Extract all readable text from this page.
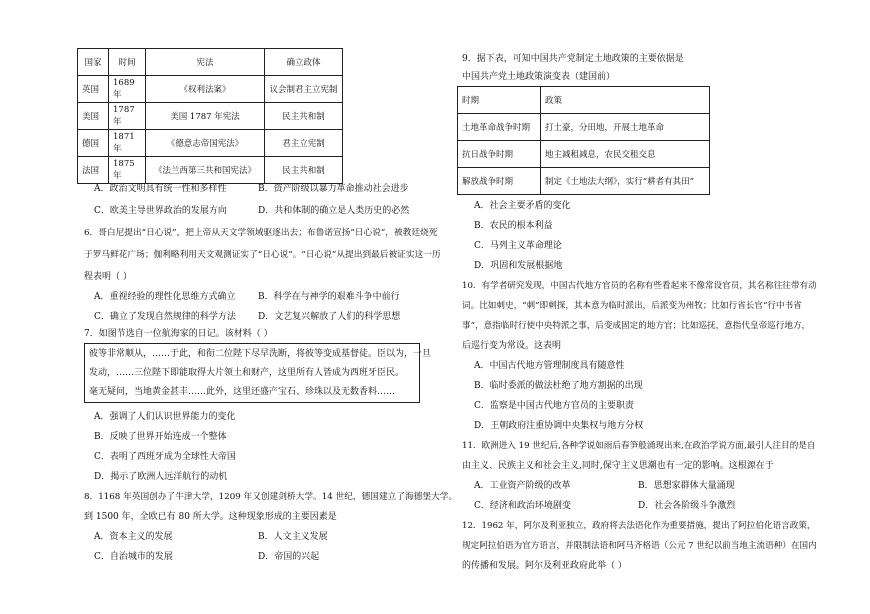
国家	时间	宪法	确立政体
英国	1689 年	《权利法案》	议会制君主立宪制
美国	1787 年	美国 1787 年宪法	民主共和制
德国	1871 年	《德意志帝国宪法》	君主立宪制
法国	1875 年	《法兰西第三共和国宪法》	民主共和制
A．政治文明具有统一性和多样性	B．资产阶级以暴力革命推动社会进步
C．欧美主导世界政治的发展方向	D．共和体制的确立是人类历史的必然
6．哥白尼提出“日心说”，把上帝从天文学领域驱逐出去；布鲁诺宣扬“日心说”，被教廷烧死
于罗马鲜花广场；伽利略利用天文观测证实了“日心说”。“日心说”从提出到最后被证实这一历
程表明（ ）
A．重视经验的理性化思维方式确立 B．科学在与神学的艰难斗争中前行
C．确立了发现自然规律的科学方法 D．文艺复兴解放了人们的科学思想
7．如图节选自一位航海家的日记。该材料（ ）
彼等非常顺从，……于此，和衔二位陛下尽早洗断，将彼等变成基督徒。臣以为，一旦
发动，……三位陛下即能取得大片领土和财产，这里所有人皆成为西班牙臣民。
毫无疑问，当地黄金甚丰……此外，这里还盛产宝石、珍珠以及无数香料……
A．强调了人们认识世界能力的变化
B．反映了世界开始连成一个整体
C．表明了西班牙成为全球性大帝国
D．揭示了欧洲人远洋航行的动机
8．1168 年英国创办了牛津大学，1209 年又创建剑桥大学。14 世纪，德国建立了海德堡大学。
到 1500 年，全欧已有 80 所大学。这种现象形成的主要因素是
A．资本主义的发展	B．人文主义发展
C．自治城市的发展	D．帝国的兴起
9．据下表，可知中国共产党制定土地政策的主要依据是
中国共产党土地政策演变表（建国前）
时期	政策
土地革命战争时期	打土豪，分田地，开展土地革命
抗日战争时期	地主减租减息，农民交租交息
解放战争时期	制定《土地法大纲》，实行“耕者有其田”
A．社会主要矛盾的变化
B．农民的根本利益
C．马列主义革命理论
D．巩固和发展根据地
10．有学者研究发现，中国古代地方官员的名称有些看起来不像常设官员，其名称往往带有动
词。比如刺史，“刺”即刺探，其本意为临时派出，后派变为州牧；比如行省长官“行中书省
事”，意指临时行使中央特派之事，后变成固定的地方官；比如巡抚，意指代皇帝巡行地方，
后巡行变为常设。这表明
A．中国古代地方管理制度具有随意性
B．临时委派的做法杜绝了地方割据的出现
C．监察是中国古代地方官员的主要职责
D．王朝政府注重协调中央集权与地方分权
11．欧洲进入 19 世纪后,各种学说如雨后春笋般涌现出来,在政治学说方面,最引人注目的是自
由主义、民族主义和社会主义,同时,保守主义思潮也有一定的影响。这根源在于
A．工业资产阶级的改革	B．思想家群体大量涌现
C．经济和政治环境剧变	D．社会各阶级斗争激烈
12．1962 年，阿尔及利亚独立，政府将去法语化作为重要措施，提出了阿拉伯化语言政策，
规定阿拉伯语为官方语言，并限制法语和阿马齐格语（公元 7 世纪以前当地主流语种）在国内
的传播和发展。阿尔及利亚政府此举（ ）
